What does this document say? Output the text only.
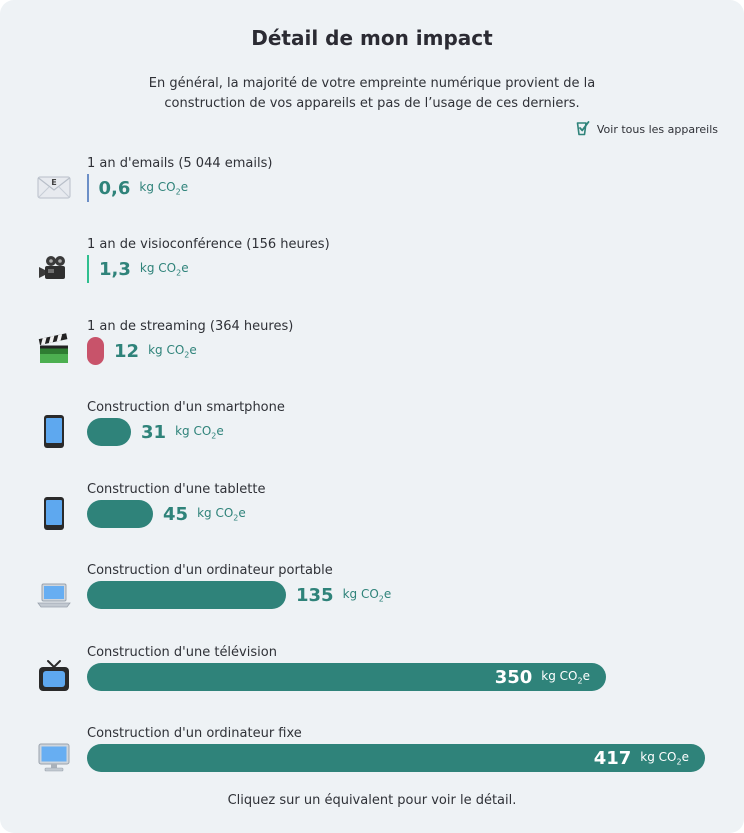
Détail de mon impact
En général, la majorité de votre empreinte numérique provient de la construction de vos appareils et pas de l’usage de ces derniers.
Voir tous les appareils
E
1 an d'emails (5 044 emails)
0,6 kg $CO_2e$
1 an de visioconférence (156 heures)
1,3 kg $CO_2e$
1 an de streaming (364 heures)
12 kg $CO_2e$
Construction d'un smartphone
31 kg $CO_2e$
Construction d'une tablette
45 kg $CO_2e$
Construction d'un ordinateur portable
135 kg $CO_2e$
Construction d'une télévision
350 kg $CO_2e$
Construction d'un ordinateur fixe
417 kg $CO_2e$
Cliquez sur un équivalent pour voir le détail.
